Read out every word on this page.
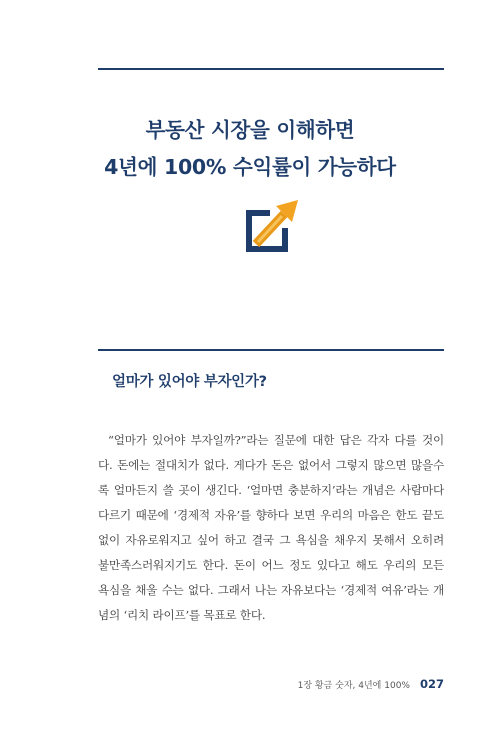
부동산 시장을 이해하면
4년에 100% 수익률이 가능하다
얼마가 있어야 부자인가?
“얼마가 있어야 부자일까?”라는 질문에 대한 답은 각자 다를 것이
다. 돈에는 절대치가 없다. 게다가 돈은 없어서 그렇지 많으면 많을수
록 얼마든지 쓸 곳이 생긴다. ‘얼마면 충분하지’라는 개념은 사람마다
다르기 때문에 ‘경제적 자유’를 향하다 보면 우리의 마음은 한도 끝도
없이 자유로워지고 싶어 하고 결국 그 욕심을 채우지 못해서 오히려
불만족스러워지기도 한다. 돈이 어느 정도 있다고 해도 우리의 모든
욕심을 채울 수는 없다. 그래서 나는 자유보다는 ‘경제적 여유’라는 개
념의 ‘리치 라이프’를 목표로 한다.
1장 황금 숫자, 4년에 100% 027
